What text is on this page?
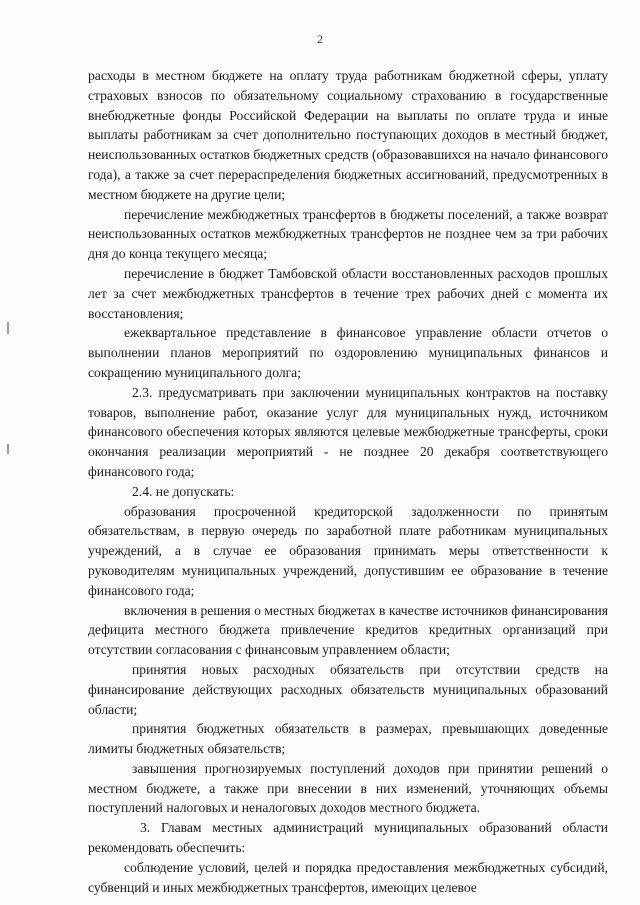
2

расходы в местном бюджете на оплату труда работникам бюджетной сферы, уплату страховых взносов по обязательному социальному страхованию в государственные внебюджетные фонды Российской Федерации на выплаты по оплате труда и иные выплаты работникам за счет дополнительно поступающих доходов в местный бюджет, неиспользованных остатков бюджетных средств (образовавшихся на начало финансового года), а также за счет перераспределения бюджетных ассигнований, предусмотренных в местном бюджете на другие цели;

перечисление межбюджетных трансфертов в бюджеты поселений, а также возврат неиспользованных остатков межбюджетных трансфертов не позднее чем за три рабочих дня до конца текущего месяца;

перечисление в бюджет Тамбовской области восстановленных расходов прошлых лет за счет межбюджетных трансфертов в течение трех рабочих дней с момента их восстановления;

ежеквартальное представление в финансовое управление области отчетов о выполнении планов мероприятий по оздоровлению муниципальных финансов и сокращению муниципального долга;

2.3. предусматривать при заключении муниципальных контрактов на поставку товаров, выполнение работ, оказание услуг для муниципальных нужд, источником финансового обеспечения которых являются целевые межбюджетные трансферты, сроки окончания реализации мероприятий - не позднее 20 декабря соответствующего финансового года;

2.4. не допускать:

образования просроченной кредиторской задолженности по принятым обязательствам, в первую очередь по заработной плате работникам муниципальных учреждений, а в случае ее образования принимать меры ответственности к руководителям муниципальных учреждений, допустившим ее образование в течение финансового года;

включения в решения о местных бюджетах в качестве источников финансирования дефицита местного бюджета привлечение кредитов кредитных организаций при отсутствии согласования с финансовым управлением области;

принятия новых расходных обязательств при отсутствии средств на финансирование действующих расходных обязательств муниципальных образований области;

принятия бюджетных обязательств в размерах, превышающих доведенные лимиты бюджетных обязательств;

завышения прогнозируемых поступлений доходов при принятии решений о местном бюджете, а также при внесении в них изменений, уточняющих объемы поступлений налоговых и неналоговых доходов местного бюджета.

3. Главам местных администраций муниципальных образований области рекомендовать обеспечить:

соблюдение условий, целей и порядка предоставления межбюджетных субсидий, субвенций и иных межбюджетных трансфертов, имеющих целевое
